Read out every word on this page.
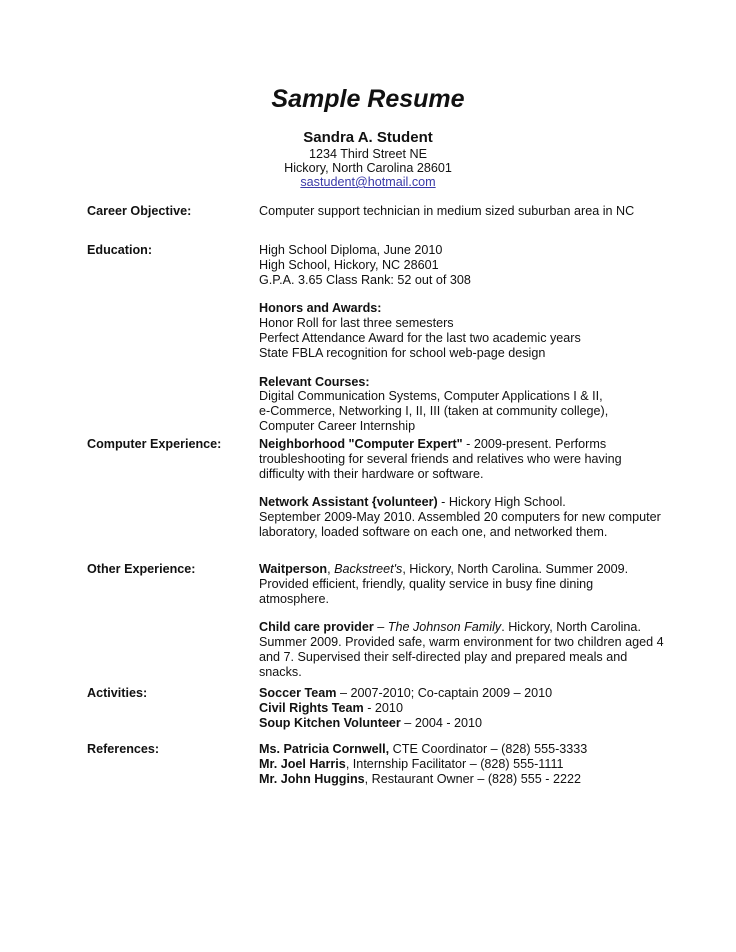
Sample Resume
Sandra A. Student
1234 Third Street NE
Hickory, North Carolina 28601
sastudent@hotmail.com
Career Objective:	Computer support technician in medium sized suburban area in NC
Education:	High School Diploma, June 2010
High School, Hickory, NC 28601
G.P.A. 3.65 Class Rank: 52 out of 308
Honors and Awards:
Honor Roll for last three semesters
Perfect Attendance Award for the last two academic years
State FBLA recognition for school web-page design
Relevant Courses:
Digital Communication Systems, Computer Applications I & II,
e-Commerce, Networking I, II, III (taken at community college),
Computer Career Internship
Computer Experience:	Neighborhood "Computer Expert" - 2009-present. Performs
troubleshooting for several friends and relatives who were having
difficulty with their hardware or software.
Network Assistant {volunteer) - Hickory High School.
September 2009-May 2010. Assembled 20 computers for new computer
laboratory, loaded software on each one, and networked them.
Other Experience:	Waitperson, Backstreet's, Hickory, North Carolina. Summer 2009.
Provided efficient, friendly, quality service in busy fine dining
atmosphere.
Child care provider – The Johnson Family. Hickory, North Carolina.
Summer 2009. Provided safe, warm environment for two children aged 4
and 7. Supervised their self-directed play and prepared meals and
snacks.
Activities:	Soccer Team – 2007-2010; Co-captain 2009 – 2010
Civil Rights Team - 2010
Soup Kitchen Volunteer – 2004 - 2010
References:	Ms. Patricia Cornwell, CTE Coordinator – (828) 555-3333
Mr. Joel Harris, Internship Facilitator – (828) 555-1111
Mr. John Huggins, Restaurant Owner – (828) 555 - 2222
